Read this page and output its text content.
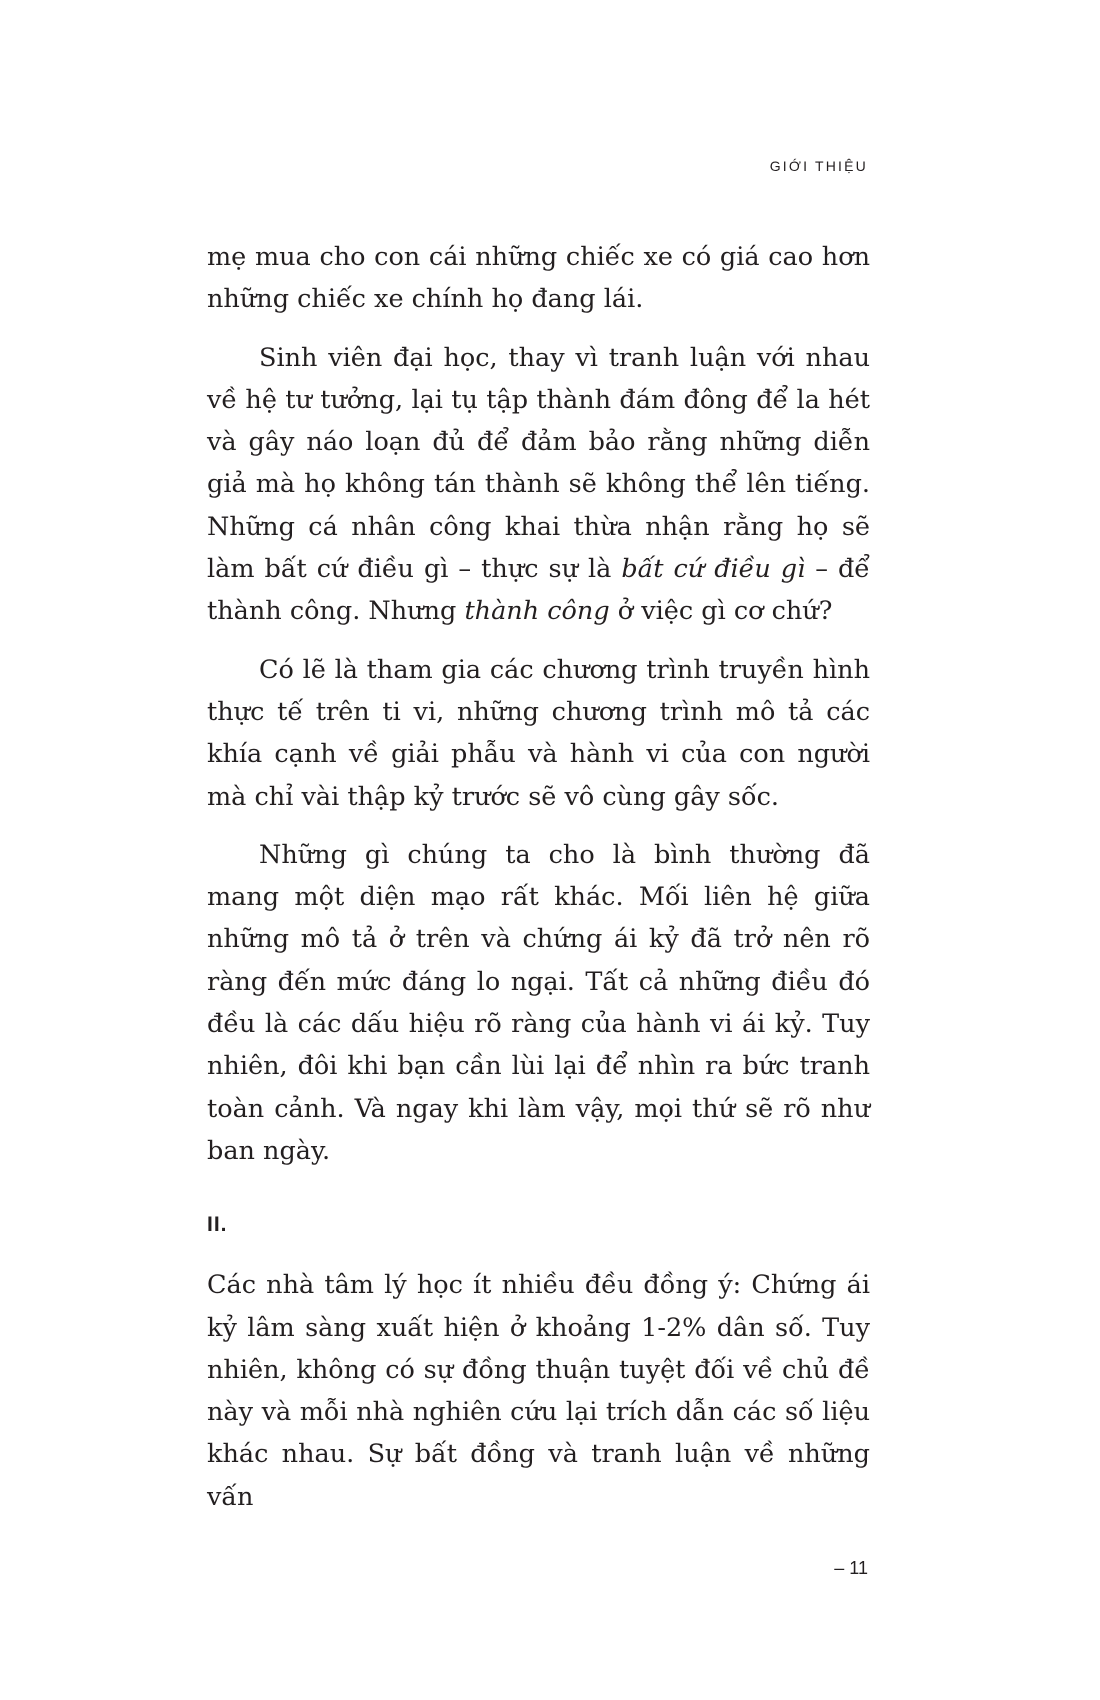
GIỚI THIỆU

mẹ mua cho con cái những chiếc xe có giá cao hơn những chiếc xe chính họ đang lái.

Sinh viên đại học, thay vì tranh luận với nhau về hệ tư tưởng, lại tụ tập thành đám đông để la hét và gây náo loạn đủ để đảm bảo rằng những diễn giả mà họ không tán thành sẽ không thể lên tiếng. Những cá nhân công khai thừa nhận rằng họ sẽ làm bất cứ điều gì – thực sự là bất cứ điều gì – để thành công. Nhưng thành công ở việc gì cơ chứ?

Có lẽ là tham gia các chương trình truyền hình thực tế trên ti vi, những chương trình mô tả các khía cạnh về giải phẫu và hành vi của con người mà chỉ vài thập kỷ trước sẽ vô cùng gây sốc.

Những gì chúng ta cho là bình thường đã mang một diện mạo rất khác. Mối liên hệ giữa những mô tả ở trên và chứng ái kỷ đã trở nên rõ ràng đến mức đáng lo ngại. Tất cả những điều đó đều là các dấu hiệu rõ ràng của hành vi ái kỷ. Tuy nhiên, đôi khi bạn cần lùi lại để nhìn ra bức tranh toàn cảnh. Và ngay khi làm vậy, mọi thứ sẽ rõ như ban ngày.

II.

Các nhà tâm lý học ít nhiều đều đồng ý: Chứng ái kỷ lâm sàng xuất hiện ở khoảng 1-2% dân số. Tuy nhiên, không có sự đồng thuận tuyệt đối về chủ đề này và mỗi nhà nghiên cứu lại trích dẫn các số liệu khác nhau. Sự bất đồng và tranh luận về những vấn

– 11
